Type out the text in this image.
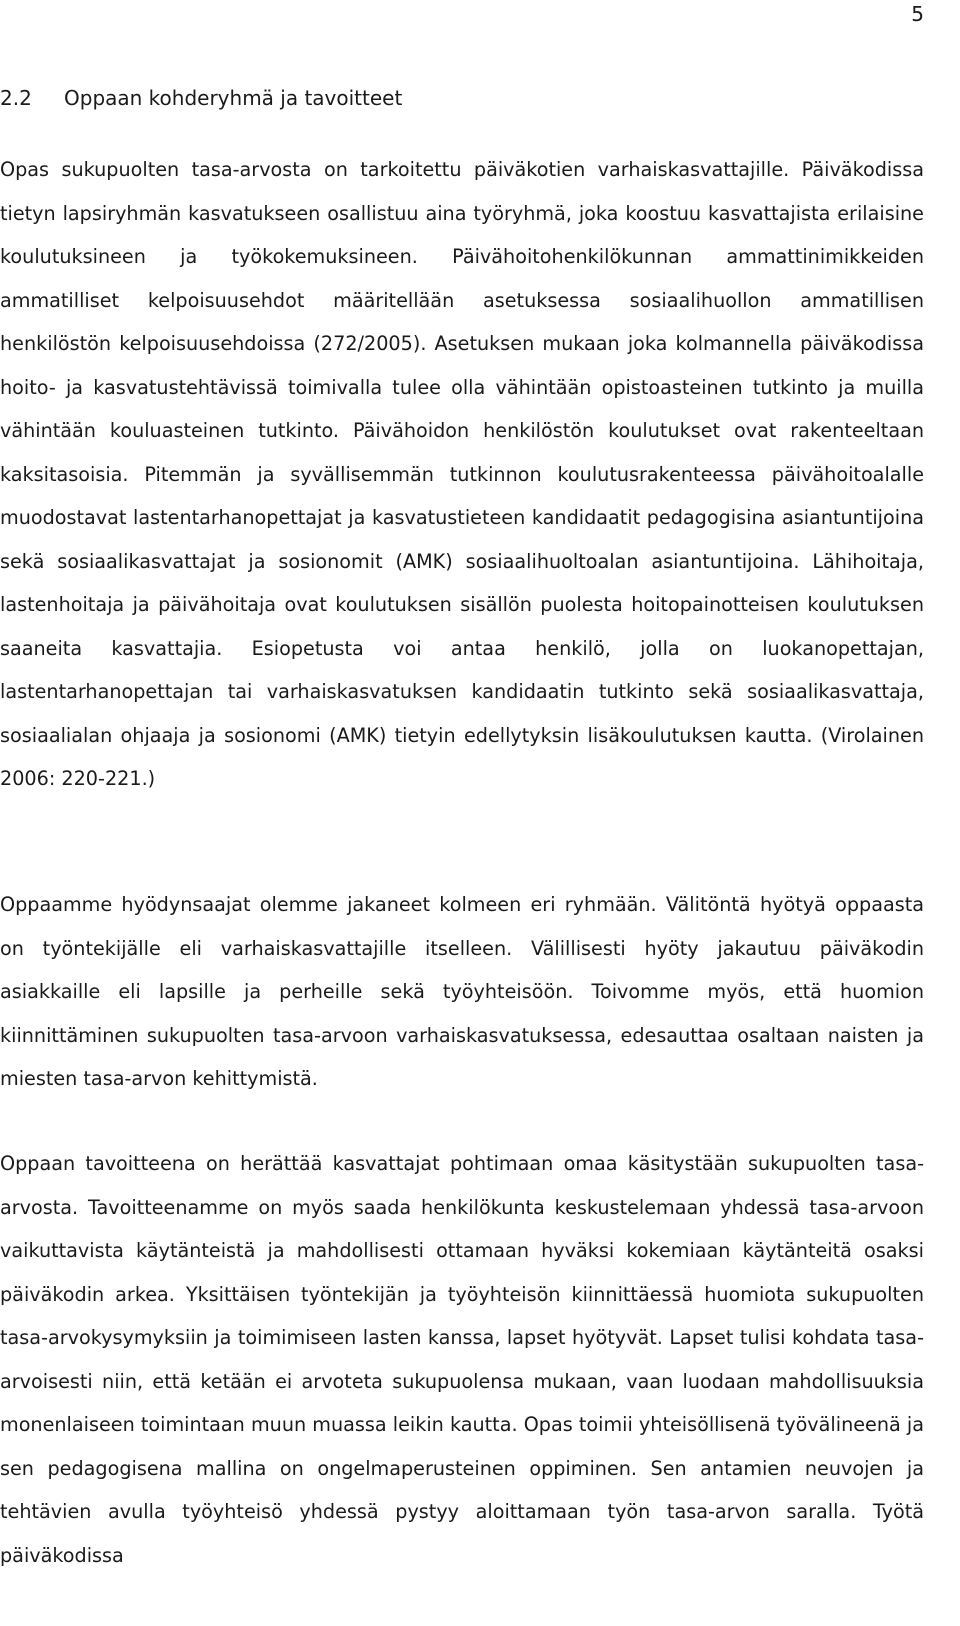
5
2.2 Oppaan kohderyhmä ja tavoitteet

Opas sukupuolten tasa-arvosta on tarkoitettu päiväkotien varhaiskasvattajille. Päiväkodissa tietyn lapsiryhmän kasvatukseen osallistuu aina työryhmä, joka koostuu kasvattajista erilaisine koulutuksineen ja työkokemuksineen. Päivähoitohenkilökunnan ammattinimikkeiden ammatilliset kelpoisuusehdot määritellään asetuksessa sosiaalihuollon ammatillisen henkilöstön kelpoisuusehdoissa (272/2005). Asetuksen mukaan joka kolmannella päiväkodissa hoito- ja kasvatustehtävissä toimivalla tulee olla vähintään opistoasteinen tutkinto ja muilla vähintään kouluasteinen tutkinto. Päivähoidon henkilöstön koulutukset ovat rakenteeltaan kaksitasoisia. Pitemmän ja syvällisemmän tutkinnon koulutusrakenteessa päivähoitoalalle muodostavat lastentarhanopettajat ja kasvatustieteen kandidaatit pedagogisina asiantuntijoina sekä sosiaalikasvattajat ja sosionomit (AMK) sosiaalihuoltoalan asiantuntijoina. Lähihoitaja, lastenhoitaja ja päivähoitaja ovat koulutuksen sisällön puolesta hoitopainotteisen koulutuksen saaneita kasvattajia. Esiopetusta voi antaa henkilö, jolla on luokanopettajan, lastentarhanopettajan tai varhaiskasvatuksen kandidaatin tutkinto sekä sosiaalikasvattaja, sosiaalialan ohjaaja ja sosionomi (AMK) tietyin edellytyksin lisäkoulutuksen kautta. (Virolainen 2006: 220-221.)

Oppaamme hyödynsaajat olemme jakaneet kolmeen eri ryhmään. Välitöntä hyötyä oppaasta on työntekijälle eli varhaiskasvattajille itselleen. Välillisesti hyöty jakautuu päiväkodin asiakkaille eli lapsille ja perheille sekä työyhteisöön. Toivomme myös, että huomion kiinnittäminen sukupuolten tasa-arvoon varhaiskasvatuksessa, edesauttaa osaltaan naisten ja miesten tasa-arvon kehittymistä.

Oppaan tavoitteena on herättää kasvattajat pohtimaan omaa käsitystään sukupuolten tasa-arvosta. Tavoitteenamme on myös saada henkilökunta keskustelemaan yhdessä tasa-arvoon vaikuttavista käytänteistä ja mahdollisesti ottamaan hyväksi kokemiaan käytänteitä osaksi päiväkodin arkea. Yksittäisen työntekijän ja työyhteisön kiinnittäessä huomiota sukupuolten tasa-arvokysymyksiin ja toimimiseen lasten kanssa, lapset hyötyvät. Lapset tulisi kohdata tasa-arvoisesti niin, että ketään ei arvoteta sukupuolensa mukaan, vaan luodaan mahdollisuuksia monenlaiseen toimintaan muun muassa leikin kautta. Opas toimii yhteisöllisenä työvälineenä ja sen pedagogisena mallina on ongelmaperusteinen oppiminen. Sen antamien neuvojen ja tehtävien avulla työyhteisö yhdessä pystyy aloittamaan työn tasa-arvon saralla. Työtä päiväkodissa
